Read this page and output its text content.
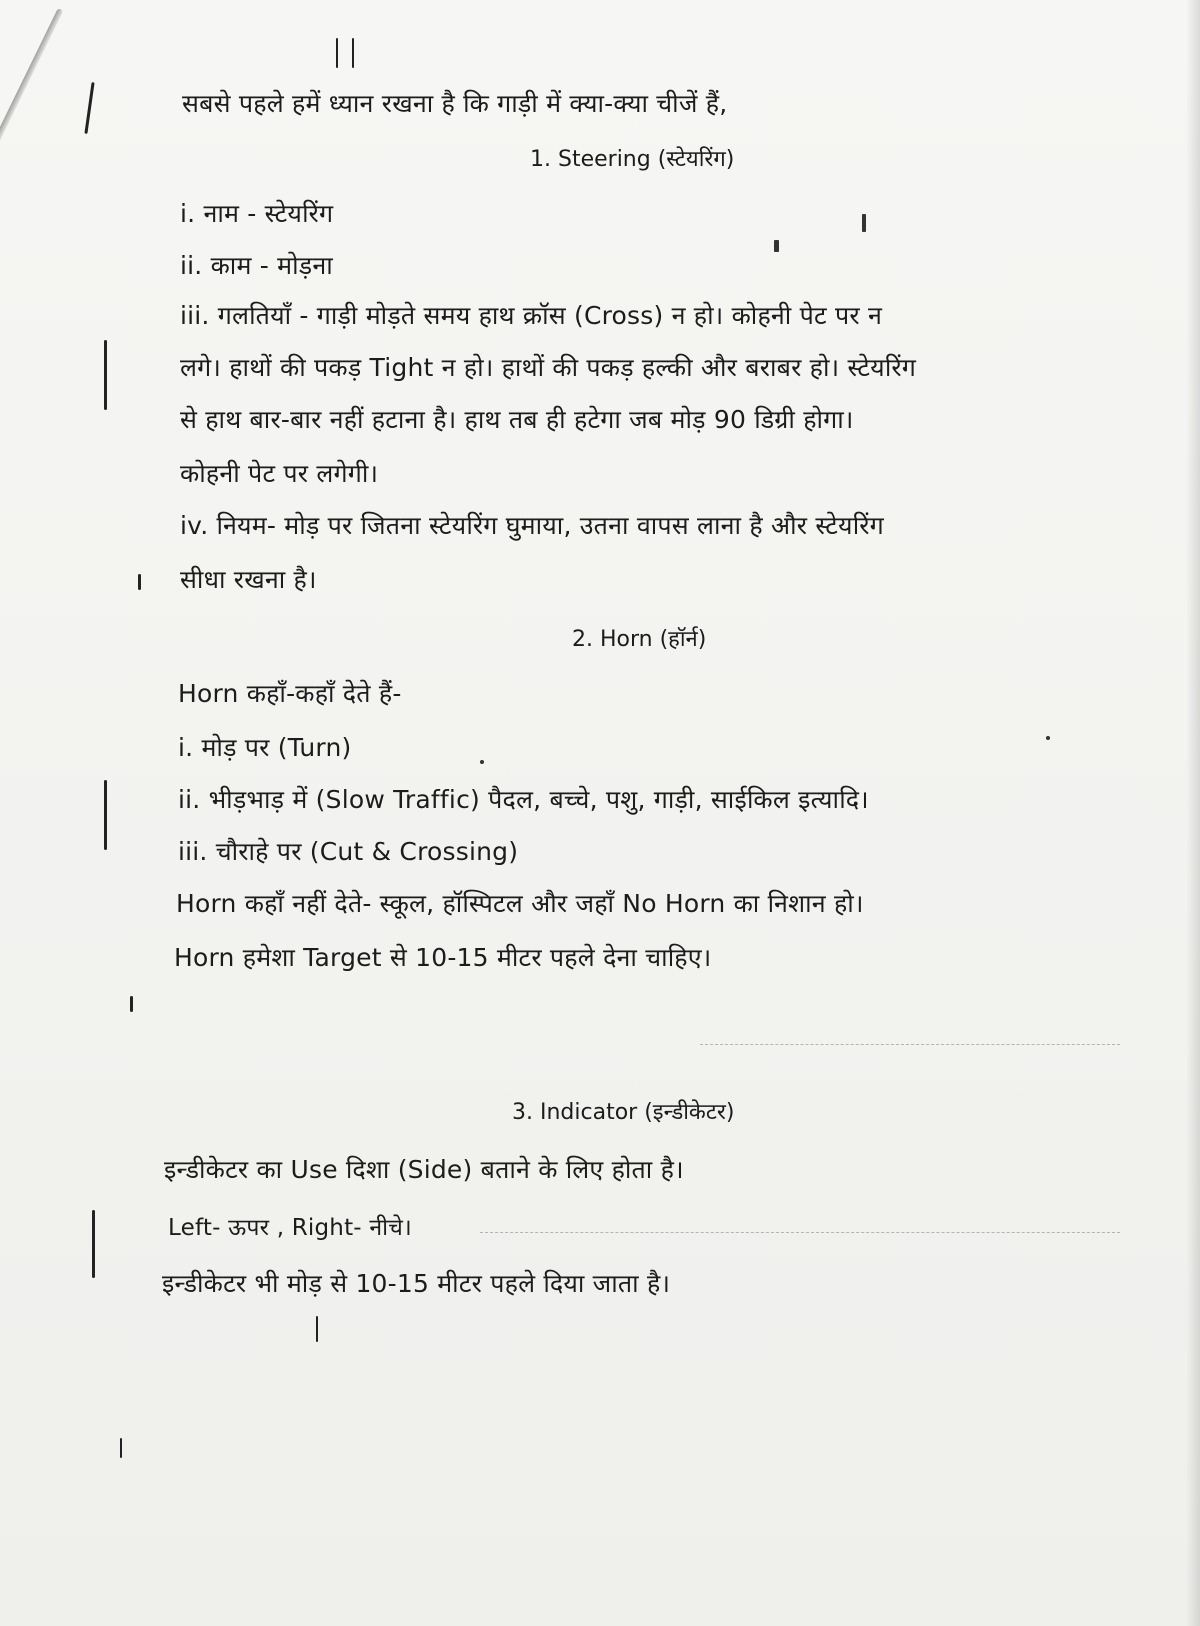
सबसे पहले हमें ध्यान रखना है कि गाड़ी में क्या-क्या चीजें हैं,
1. Steering (स्टेयरिंग)
i. नाम - स्टेयरिंग
ii. काम - मोड़ना
iii. गलतियाँ - गाड़ी मोड़ते समय हाथ क्रॉस (Cross) न हो। कोहनी पेट पर न
लगे। हाथों की पकड़ Tight न हो। हाथों की पकड़ हल्की और बराबर हो। स्टेयरिंग
से हाथ बार-बार नहीं हटाना है। हाथ तब ही हटेगा जब मोड़ 90 डिग्री होगा।
कोहनी पेट पर लगेगी।
iv. नियम- मोड़ पर जितना स्टेयरिंग घुमाया, उतना वापस लाना है और स्टेयरिंग
सीधा रखना है।
2. Horn (हॉर्न)
Horn कहाँ-कहाँ देते हैं-
i. मोड़ पर (Turn)
ii. भीड़भाड़ में (Slow Traffic) पैदल, बच्चे, पशु, गाड़ी, साईकिल इत्यादि।
iii. चौराहे पर (Cut & Crossing)
Horn कहाँ नहीं देते- स्कूल, हॉस्पिटल और जहाँ No Horn का निशान हो।
Horn हमेशा Target से 10-15 मीटर पहले देना चाहिए।
3. Indicator (इन्डीकेटर)
इन्डीकेटर का Use दिशा (Side) बताने के लिए होता है।
Left- ऊपर , Right- नीचे।
इन्डीकेटर भी मोड़ से 10-15 मीटर पहले दिया जाता है।
